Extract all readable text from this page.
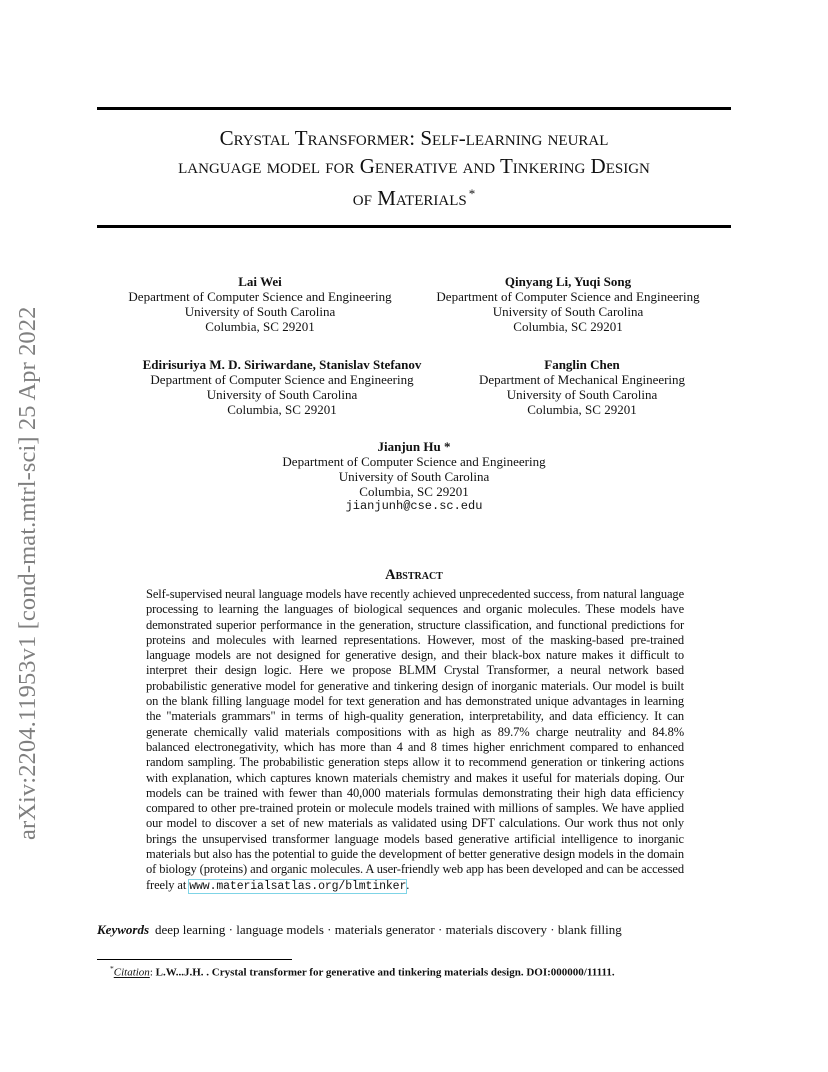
arXiv:2204.11953v1 [cond-mat.mtrl-sci] 25 Apr 2022
Crystal Transformer: Self-learning neural
language model for Generative and Tinkering Design
of Materials *
Lai Wei
Department of Computer Science and Engineering
University of South Carolina
Columbia, SC 29201
Qinyang Li, Yuqi Song
Department of Computer Science and Engineering
University of South Carolina
Columbia, SC 29201
Edirisuriya M. D. Siriwardane, Stanislav Stefanov
Department of Computer Science and Engineering
University of South Carolina
Columbia, SC 29201
Fanglin Chen
Department of Mechanical Engineering
University of South Carolina
Columbia, SC 29201
Jianjun Hu *
Department of Computer Science and Engineering
University of South Carolina
Columbia, SC 29201
jianjunh@cse.sc.edu
Abstract
Self-supervised neural language models have recently achieved unprecedented success, from natural language processing to learning the languages of biological sequences and organic molecules. These models have demonstrated superior performance in the generation, structure classification, and functional predictions for proteins and molecules with learned representations. However, most of the masking-based pre-trained language models are not designed for generative design, and their black-box nature makes it difficult to interpret their design logic. Here we propose BLMM Crystal Transformer, a neural network based probabilistic generative model for generative and tinkering design of inorganic materials. Our model is built on the blank filling language model for text generation and has demonstrated unique advantages in learning the "materials grammars" in terms of high-quality generation, interpretability, and data efficiency. It can generate chemically valid materials compositions with as high as 89.7% charge neutrality and 84.8% balanced electronegativity, which has more than 4 and 8 times higher enrichment compared to enhanced random sampling. The probabilistic generation steps allow it to recommend generation or tinkering actions with explanation, which captures known materials chemistry and makes it useful for materials doping. Our models can be trained with fewer than 40,000 materials formulas demonstrating their high data efficiency compared to other pre-trained protein or molecule models trained with millions of samples. We have applied our model to discover a set of new materials as validated using DFT calculations. Our work thus not only brings the unsupervised transformer language models based generative artificial intelligence to inorganic materials but also has the potential to guide the development of better generative design models in the domain of biology (proteins) and organic molecules. A user-friendly web app has been developed and can be accessed freely at www.materialsatlas.org/blmtinker.
Keywords deep learning · language models · materials generator · materials discovery · blank filling
*Citation: L.W...J.H. . Crystal transformer for generative and tinkering materials design. DOI:000000/11111.
